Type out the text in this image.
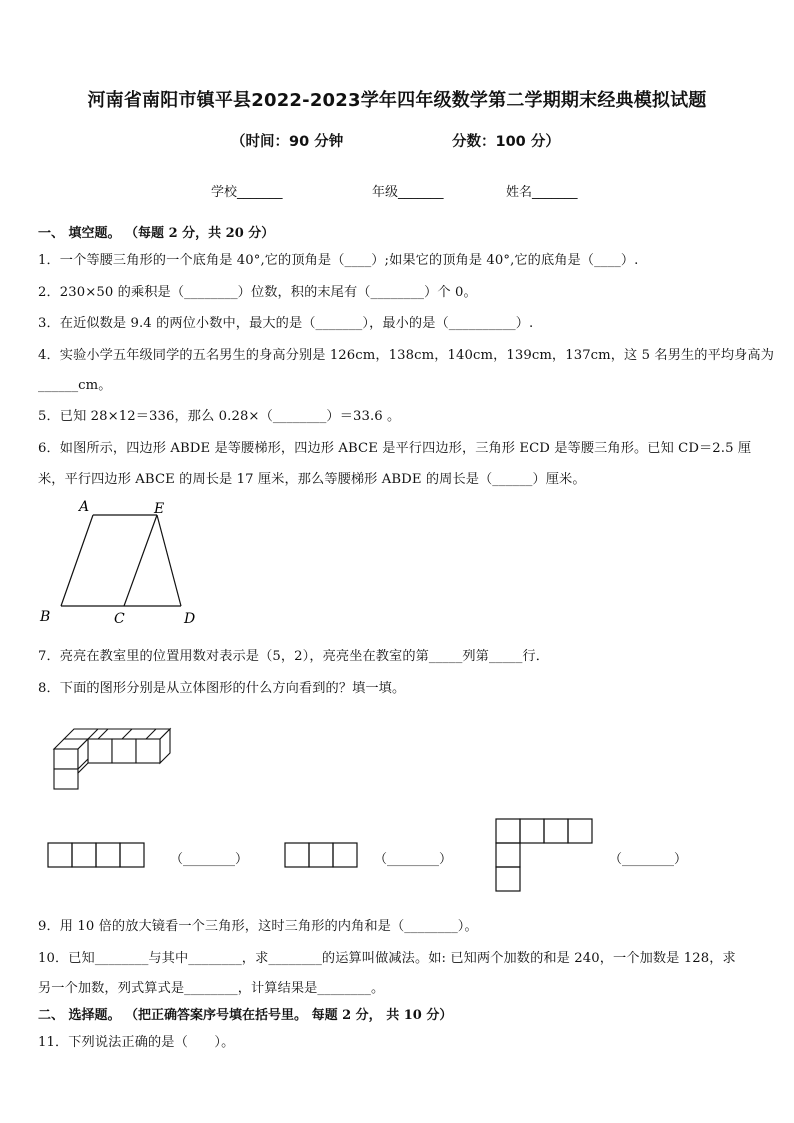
河南省南阳市镇平县2022-2023学年四年级数学第二学期期末经典模拟试题
（时间：90 分钟	分数：100 分）
学校_______	年级_______	姓名_______
一、 填空题。 （每题 2 分，共 20 分）
1．一个等腰三角形的一个底角是 40°,它的顶角是（____）;如果它的顶角是 40°,它的底角是（____）.
2．230×50 的乘积是（________）位数，积的末尾有（________）个 0。
3．在近似数是 9.4 的两位小数中，最大的是（_______），最小的是（__________）.
4．实验小学五年级同学的五名男生的身高分别是 126cm，138cm，140cm，139cm，137cm，这 5 名男生的平均身高为
______cm。
5．已知 28×12＝336，那么 0.28×（________）＝33.6 。
6．如图所示，四边形 ABDE 是等腰梯形，四边形 ABCE 是平行四边形，三角形 ECD 是等腰三角形。已知 CD＝2.5 厘
米，平行四边形 ABCE 的周长是 17 厘米，那么等腰梯形 ABDE 的周长是（______）厘米。
A	E
B	C	D
7．亮亮在教室里的位置用数对表示是（5，2），亮亮坐在教室的第_____列第_____行．
8．下面的图形分别是从立体图形的什么方向看到的？填一填。
（________）	（________）	（________）
9．用 10 倍的放大镜看一个三角形，这时三角形的内角和是（________）。
10．已知________与其中________，求________的运算叫做减法。如: 已知两个加数的和是 240，一个加数是 128，求
另一个加数，列式算式是________，计算结果是________。
二、 选择题。 （把正确答案序号填在括号里。 每题 2 分， 共 10 分）
11．下列说法正确的是（　　）。
